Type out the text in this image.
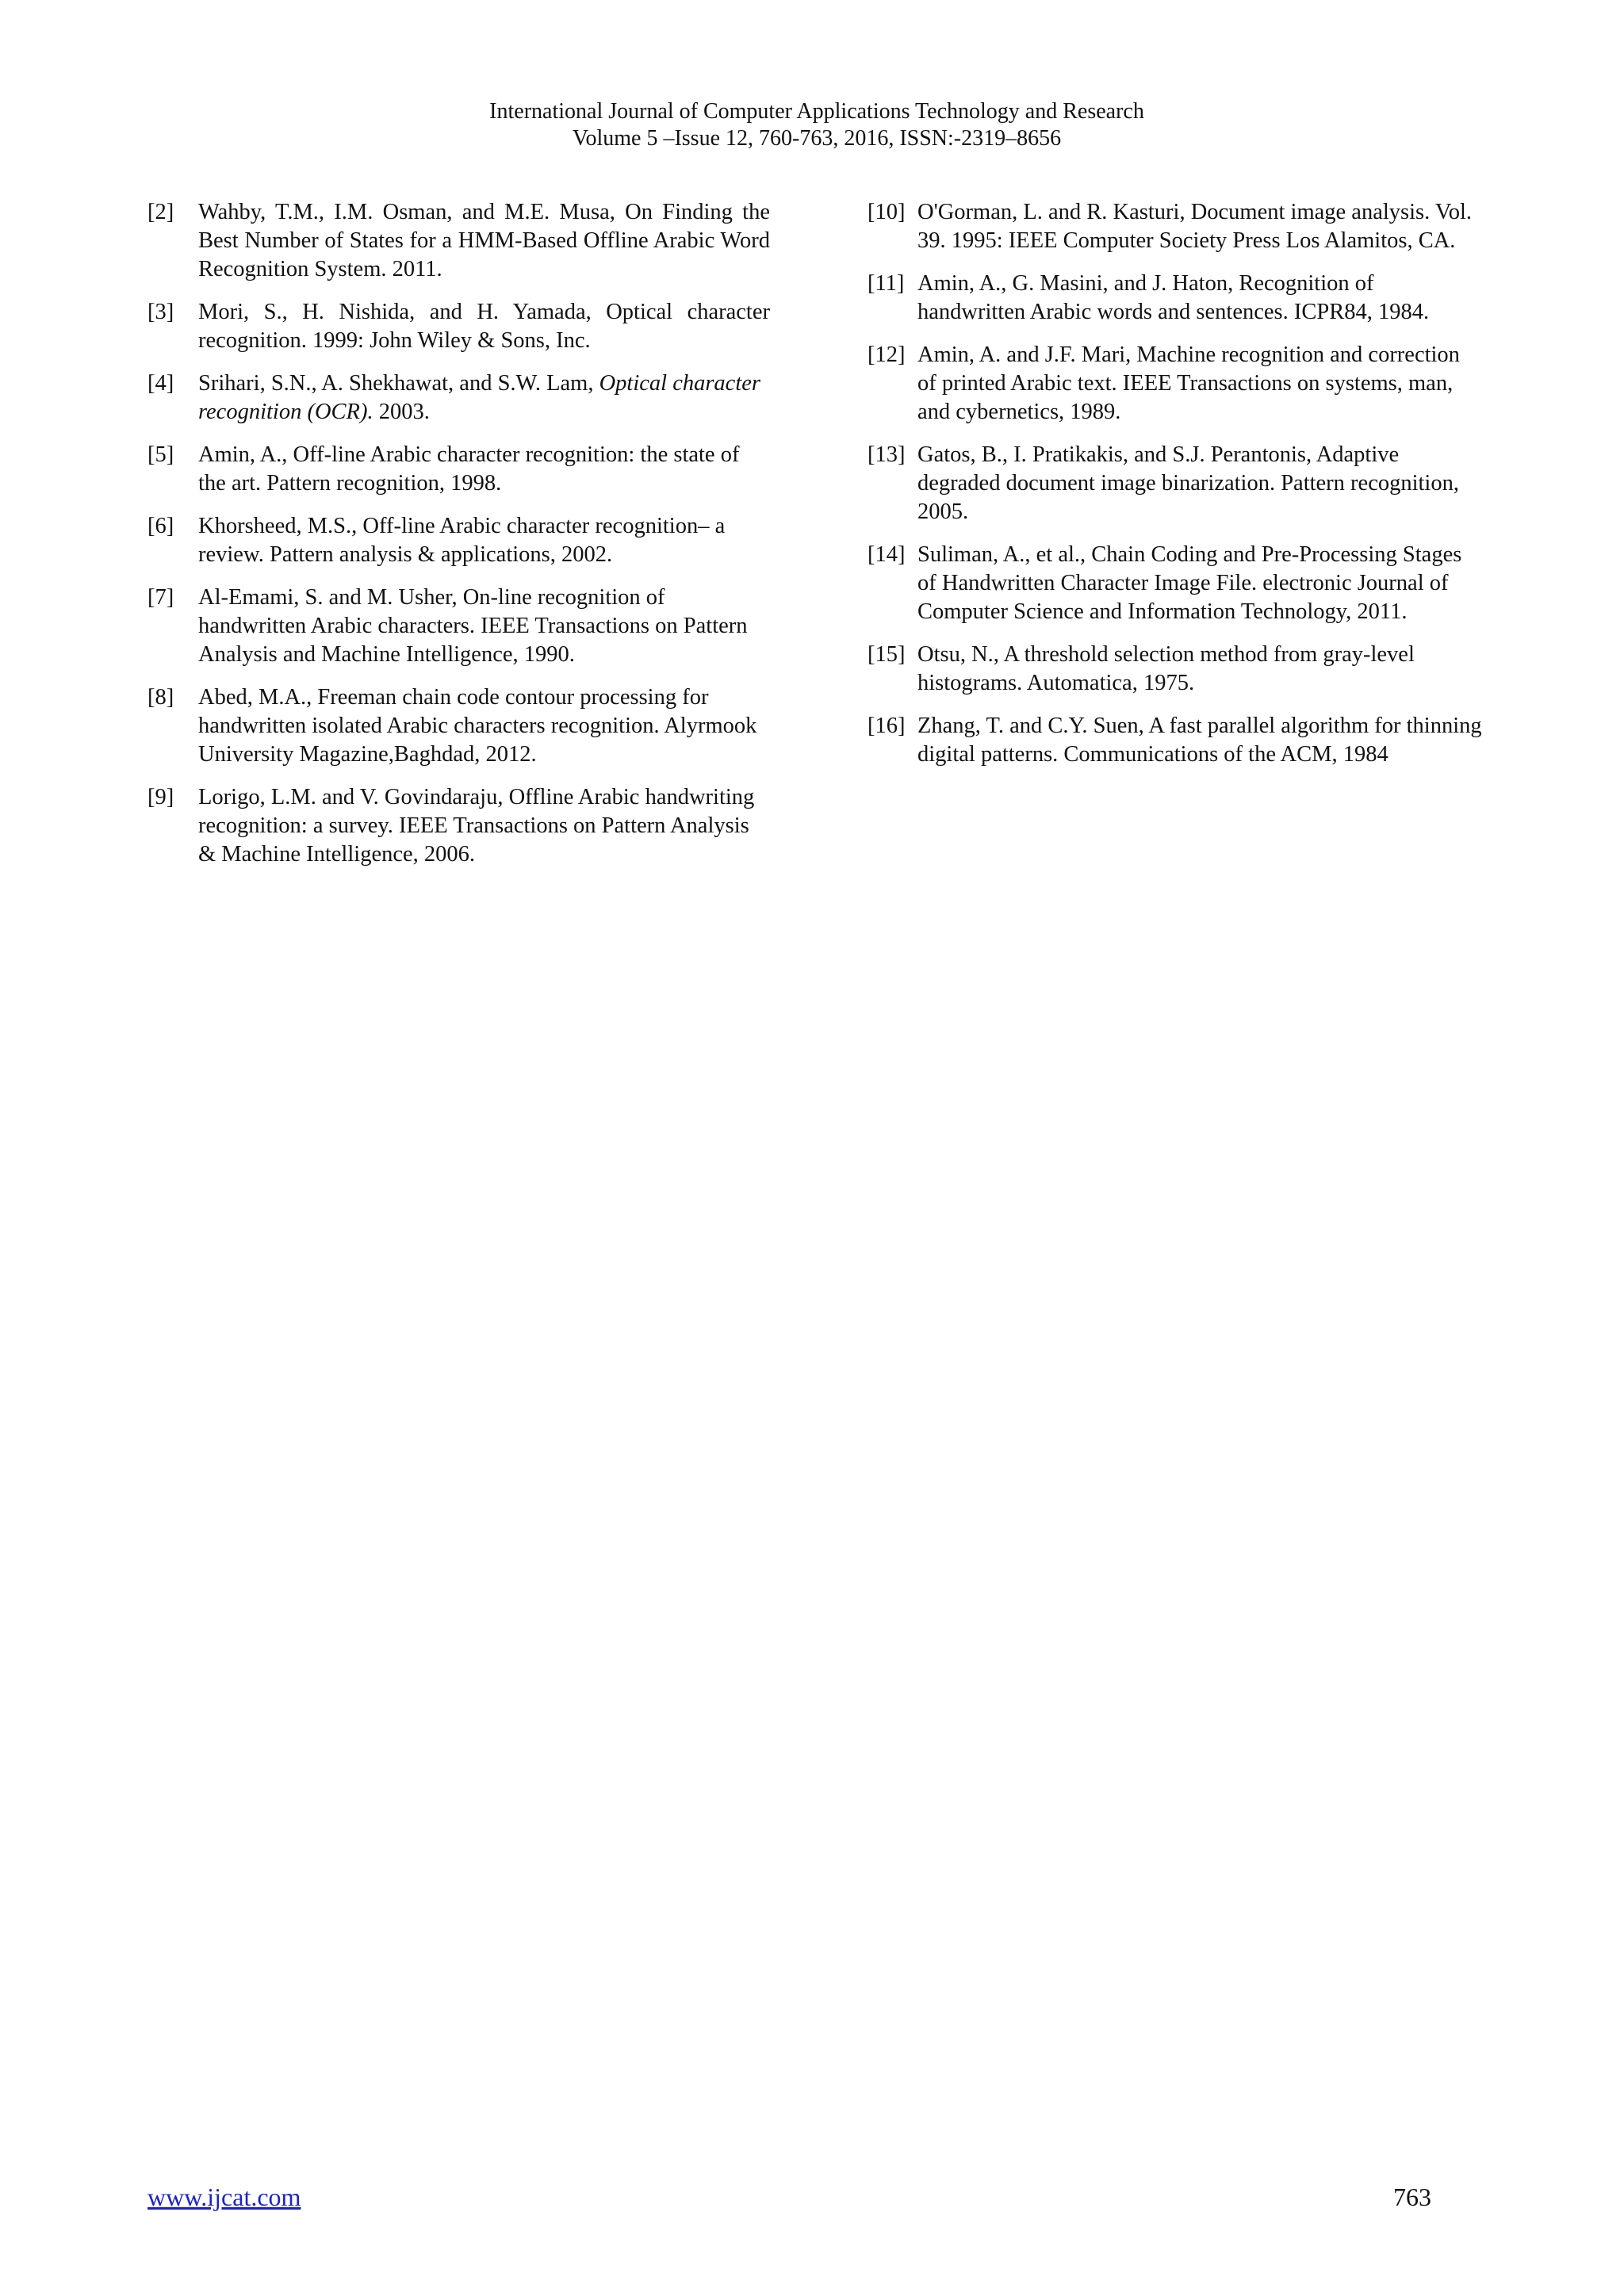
International Journal of Computer Applications Technology and Research
Volume 5 –Issue 12, 760-763, 2016, ISSN:-2319–8656
[2] Wahby, T.M., I.M. Osman, and M.E. Musa, On Finding the Best Number of States for a HMM-Based Offline Arabic Word Recognition System. 2011.
[3] Mori, S., H. Nishida, and H. Yamada, Optical character recognition. 1999: John Wiley & Sons, Inc.
[4] Srihari, S.N., A. Shekhawat, and S.W. Lam, Optical character recognition (OCR). 2003.
[5] Amin, A., Off-line Arabic character recognition: the state of the art. Pattern recognition, 1998.
[6] Khorsheed, M.S., Off-line Arabic character recognition– a review. Pattern analysis & applications, 2002.
[7] Al-Emami, S. and M. Usher, On-line recognition of handwritten Arabic characters. IEEE Transactions on Pattern Analysis and Machine Intelligence, 1990.
[8] Abed, M.A., Freeman chain code contour processing for handwritten isolated Arabic characters recognition. Alyrmook University Magazine,Baghdad, 2012.
[9] Lorigo, L.M. and V. Govindaraju, Offline Arabic handwriting recognition: a survey. IEEE Transactions on Pattern Analysis & Machine Intelligence, 2006.
[10] O'Gorman, L. and R. Kasturi, Document image analysis. Vol. 39. 1995: IEEE Computer Society Press Los Alamitos, CA.
[11] Amin, A., G. Masini, and J. Haton, Recognition of handwritten Arabic words and sentences. ICPR84, 1984.
[12] Amin, A. and J.F. Mari, Machine recognition and correction of printed Arabic text. IEEE Transactions on systems, man, and cybernetics, 1989.
[13] Gatos, B., I. Pratikakis, and S.J. Perantonis, Adaptive degraded document image binarization. Pattern recognition, 2005.
[14] Suliman, A., et al., Chain Coding and Pre-Processing Stages of Handwritten Character Image File. electronic Journal of Computer Science and Information Technology, 2011.
[15] Otsu, N., A threshold selection method from gray-level histograms. Automatica, 1975.
[16] Zhang, T. and C.Y. Suen, A fast parallel algorithm for thinning digital patterns. Communications of the ACM, 1984
www.ijcat.com	763
